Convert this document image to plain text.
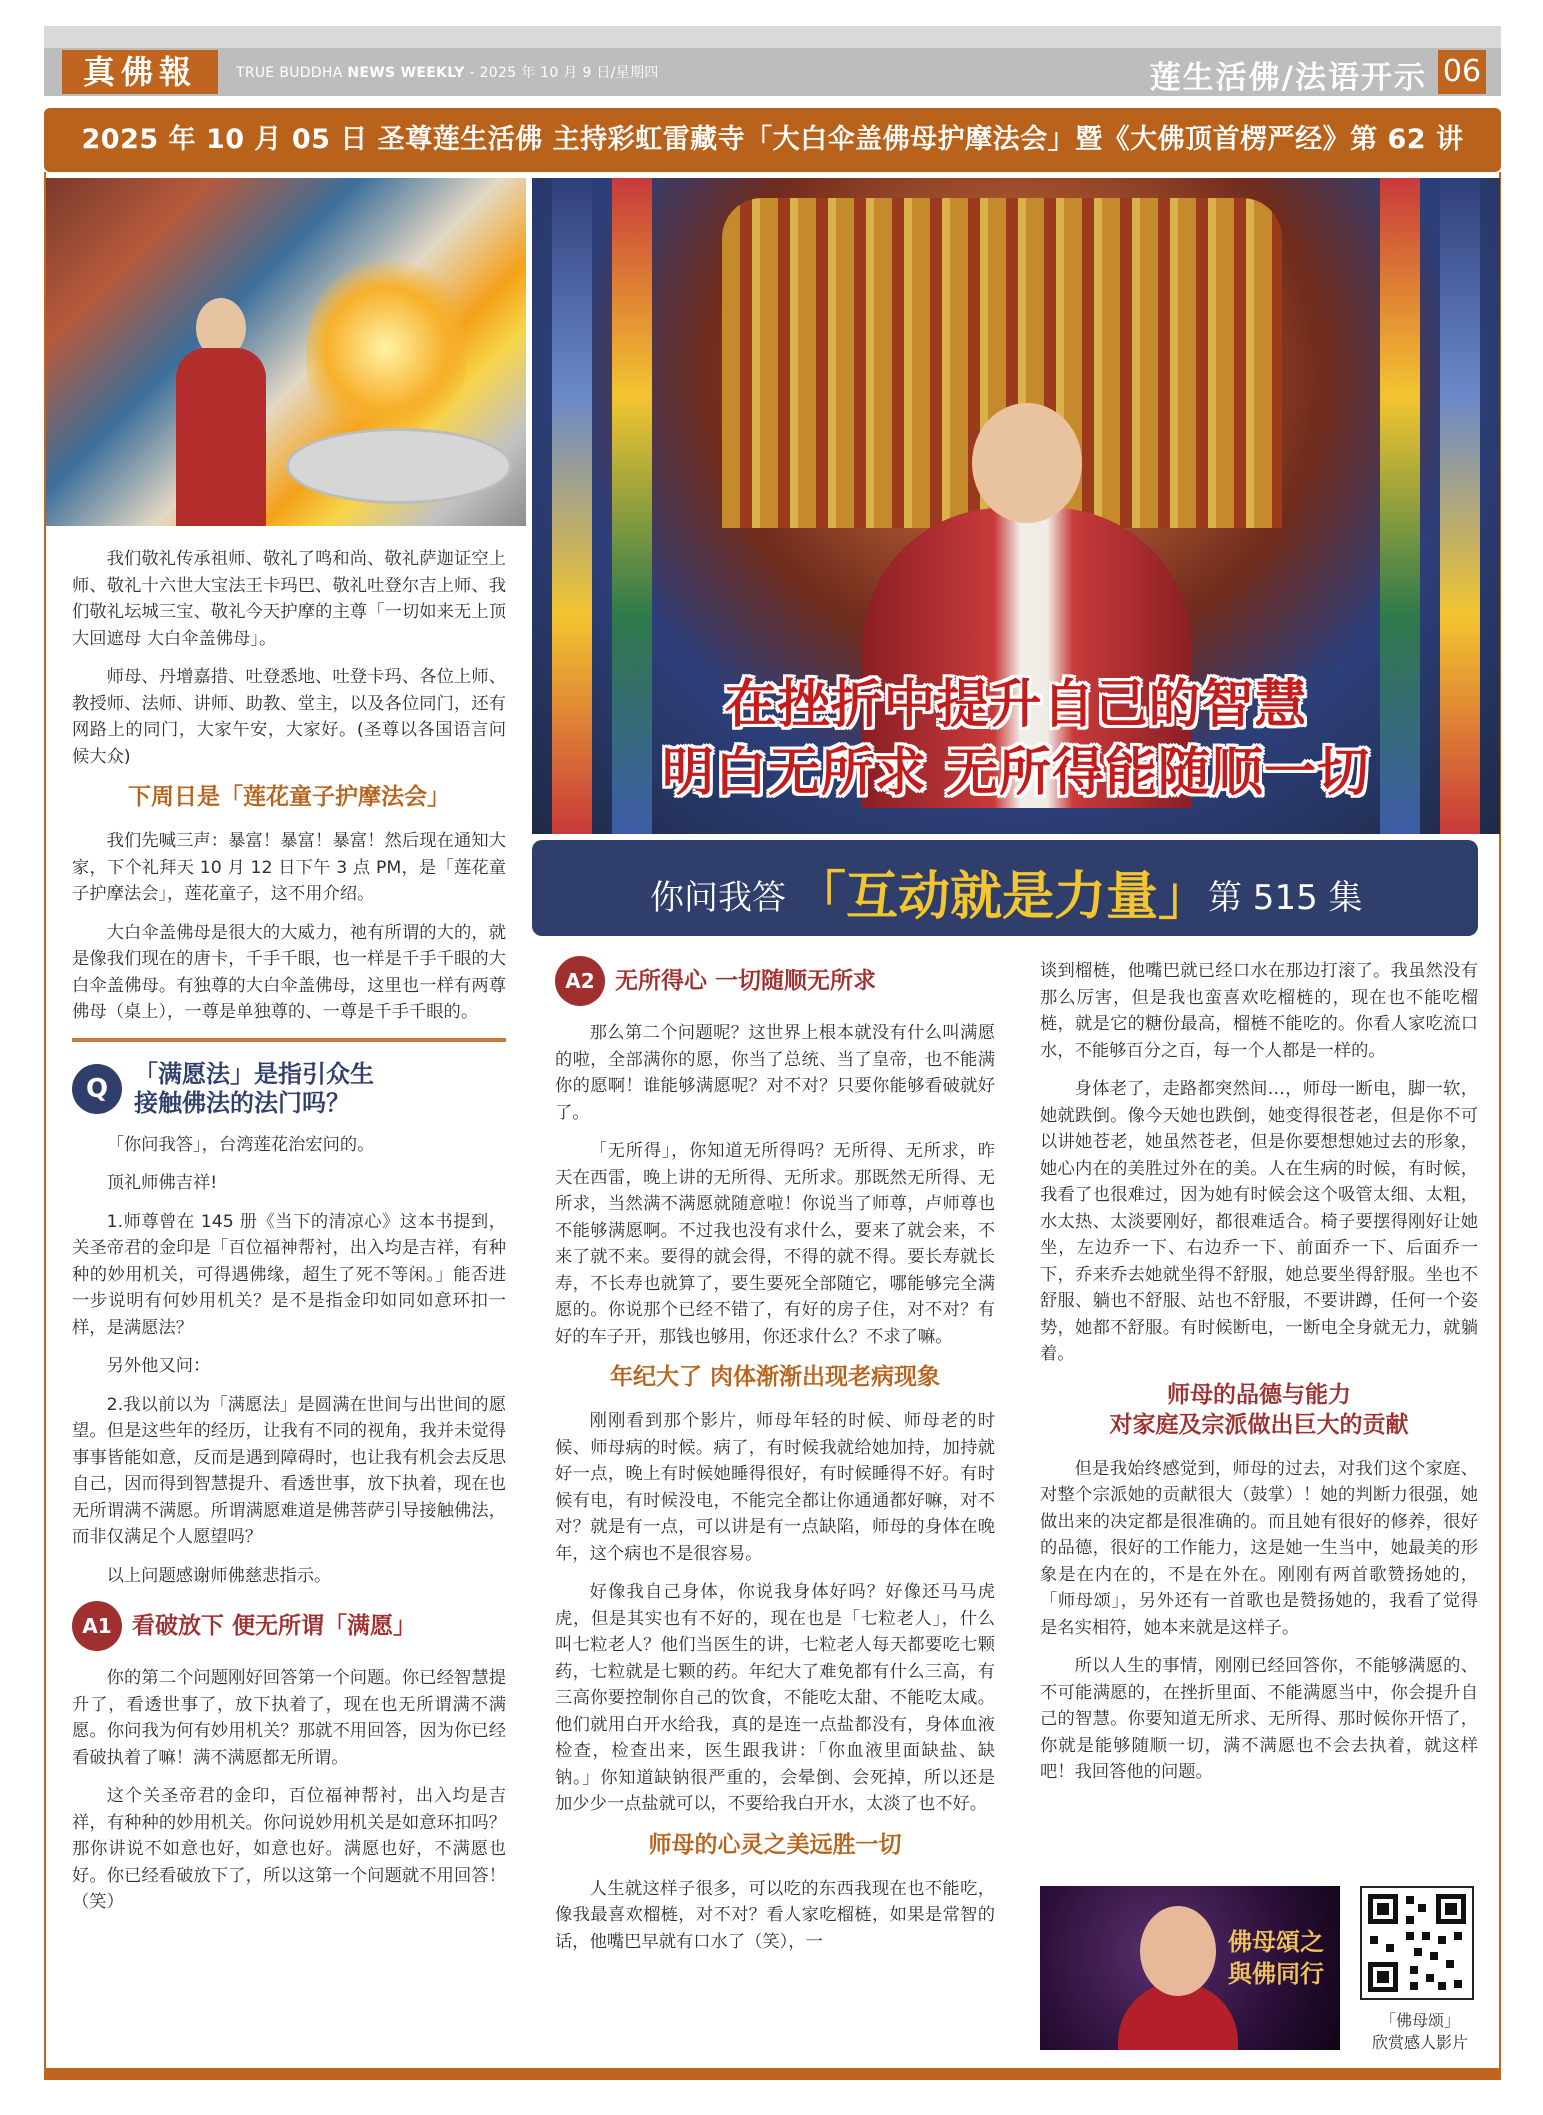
真佛報	TRUE BUDDHA NEWS WEEKLY - 2025 年 10 月 9 日/星期四	莲生活佛/法语开示 06
2025 年 10 月 05 日 圣尊莲生活佛 主持彩虹雷藏寺「大白伞盖佛母护摩法会」暨《大佛顶首楞严经》第 62 讲
在挫折中提升自己的智慧
明白无所求 无所得能随顺一切
你问我答 「互动就是力量」
第 515 集

我们敬礼传承祖师、敬礼了鸣和尚、敬礼萨迦证空上师、敬礼十六世大宝法王卡玛巴、敬礼吐登尔吉上师、我们敬礼坛城三宝、敬礼今天护摩的主尊「一切如来无上顶 大回遮母 大白伞盖佛母」。

师母、丹增嘉措、吐登悉地、吐登卡玛、各位上师、教授师、法师、讲师、助教、堂主，以及各位同门，还有网路上的同门，大家午安，大家好。(圣尊以各国语言问候大众)

下周日是「莲花童子护摩法会」

我们先喊三声：暴富！暴富！暴富！然后现在通知大家，下个礼拜天 10 月 12 日下午 3 点 PM，是「莲花童子护摩法会」，莲花童子，这不用介绍。

大白伞盖佛母是很大的大威力，祂有所谓的大的，就是像我们现在的唐卡，千手千眼，也一样是千手千眼的大白伞盖佛母。有独尊的大白伞盖佛母，这里也一样有两尊佛母（桌上），一尊是单独尊的、一尊是千手千眼的。

Q	「满愿法」是指引众生
接触佛法的法门吗？

「你问我答」，台湾莲花治宏问的。

顶礼师佛吉祥!

1.师尊曾在 145 册《当下的清凉心》这本书提到，关圣帝君的金印是「百位福神帮衬，出入均是吉祥，有种种的妙用机关，可得遇佛缘，超生了死不等闲。」能否进一步说明有何妙用机关？是不是指金印如同如意环扣一样，是满愿法？

另外他又问：

2.我以前以为「满愿法」是圆满在世间与出世间的愿望。但是这些年的经历，让我有不同的视角，我并未觉得事事皆能如意，反而是遇到障碍时，也让我有机会去反思自己，因而得到智慧提升、看透世事，放下执着，现在也无所谓满不满愿。所谓满愿难道是佛菩萨引导接触佛法，而非仅满足个人愿望吗？

以上问题感谢师佛慈悲指示。

A1 看破放下 便无所谓「满愿」

你的第二个问题刚好回答第一个问题。你已经智慧提升了，看透世事了，放下执着了，现在也无所谓满不满愿。你问我为何有妙用机关？那就不用回答，因为你已经看破执着了嘛！满不满愿都无所谓。

这个关圣帝君的金印，百位福神帮衬，出入均是吉祥，有种种的妙用机关。你问说妙用机关是如意环扣吗？那你讲说不如意也好，如意也好。满愿也好，不满愿也好。你已经看破放下了，所以这第一个问题就不用回答！（笑）

A2 无所得心 一切随顺无所求

那么第二个问题呢？这世界上根本就没有什么叫满愿的啦，全部满你的愿，你当了总统、当了皇帝，也不能满你的愿啊！谁能够满愿呢？对不对？只要你能够看破就好了。

「无所得」，你知道无所得吗？无所得、无所求，昨天在西雷，晚上讲的无所得、无所求。那既然无所得、无所求，当然满不满愿就随意啦！你说当了师尊，卢师尊也不能够满愿啊。不过我也没有求什么，要来了就会来，不来了就不来。要得的就会得，不得的就不得。要长寿就长寿，不长寿也就算了，要生要死全部随它，哪能够完全满愿的。你说那个已经不错了，有好的房子住，对不对？有好的车子开，那钱也够用，你还求什么？不求了嘛。

年纪大了 肉体渐渐出现老病现象

刚刚看到那个影片，师母年轻的时候、师母老的时候、师母病的时候。病了，有时候我就给她加持，加持就好一点，晚上有时候她睡得很好，有时候睡得不好。有时候有电，有时候没电，不能完全都让你通通都好嘛，对不对？就是有一点，可以讲是有一点缺陷，师母的身体在晚年，这个病也不是很容易。

好像我自己身体，你说我身体好吗？好像还马马虎虎，但是其实也有不好的，现在也是「七粒老人」，什么叫七粒老人？他们当医生的讲，七粒老人每天都要吃七颗药，七粒就是七颗的药。年纪大了难免都有什么三高，有三高你要控制你自己的饮食，不能吃太甜、不能吃太咸。他们就用白开水给我，真的是连一点盐都没有，身体血液检查，检查出来，医生跟我讲：「你血液里面缺盐、缺钠。」你知道缺钠很严重的，会晕倒、会死掉，所以还是加少少一点盐就可以，不要给我白开水，太淡了也不好。

师母的心灵之美远胜一切

人生就这样子很多，可以吃的东西我现在也不能吃，像我最喜欢榴梿，对不对？看人家吃榴梿，如果是常智的话，他嘴巴早就有口水了（笑），一

谈到榴梿，他嘴巴就已经口水在那边打滚了。我虽然没有那么厉害，但是我也蛮喜欢吃榴梿的，现在也不能吃榴梿，就是它的糖份最高，榴梿不能吃的。你看人家吃流口水，不能够百分之百，每一个人都是一样的。

身体老了，走路都突然间…，师母一断电，脚一软，她就跌倒。像今天她也跌倒，她变得很苍老，但是你不可以讲她苍老，她虽然苍老，但是你要想想她过去的形象，她心内在的美胜过外在的美。人在生病的时候，有时候，我看了也很难过，因为她有时候会这个吸管太细、太粗，水太热、太淡要刚好，都很难适合。椅子要摆得刚好让她坐，左边乔一下、右边乔一下、前面乔一下、后面乔一下，乔来乔去她就坐得不舒服，她总要坐得舒服。坐也不舒服、躺也不舒服、站也不舒服，不要讲蹲，任何一个姿势，她都不舒服。有时候断电，一断电全身就无力，就躺着。

师母的品德与能力
对家庭及宗派做出巨大的贡献

但是我始终感觉到，师母的过去，对我们这个家庭、对整个宗派她的贡献很大（鼓掌）！她的判断力很强，她做出来的决定都是很准确的。而且她有很好的修养，很好的品德，很好的工作能力，这是她一生当中，她最美的形象是在内在的，不是在外在。刚刚有两首歌赞扬她的，「师母颂」，另外还有一首歌也是赞扬她的，我看了觉得是名实相符，她本来就是这样子。

所以人生的事情，刚刚已经回答你，不能够满愿的、不可能满愿的，在挫折里面、不能满愿当中，你会提升自己的智慧。你要知道无所求、无所得、那时候你开悟了，你就是能够随顺一切，满不满愿也不会去执着，就这样吧！我回答他的问题。

佛母頌之與佛同行
「佛母颂」
欣赏感人影片
